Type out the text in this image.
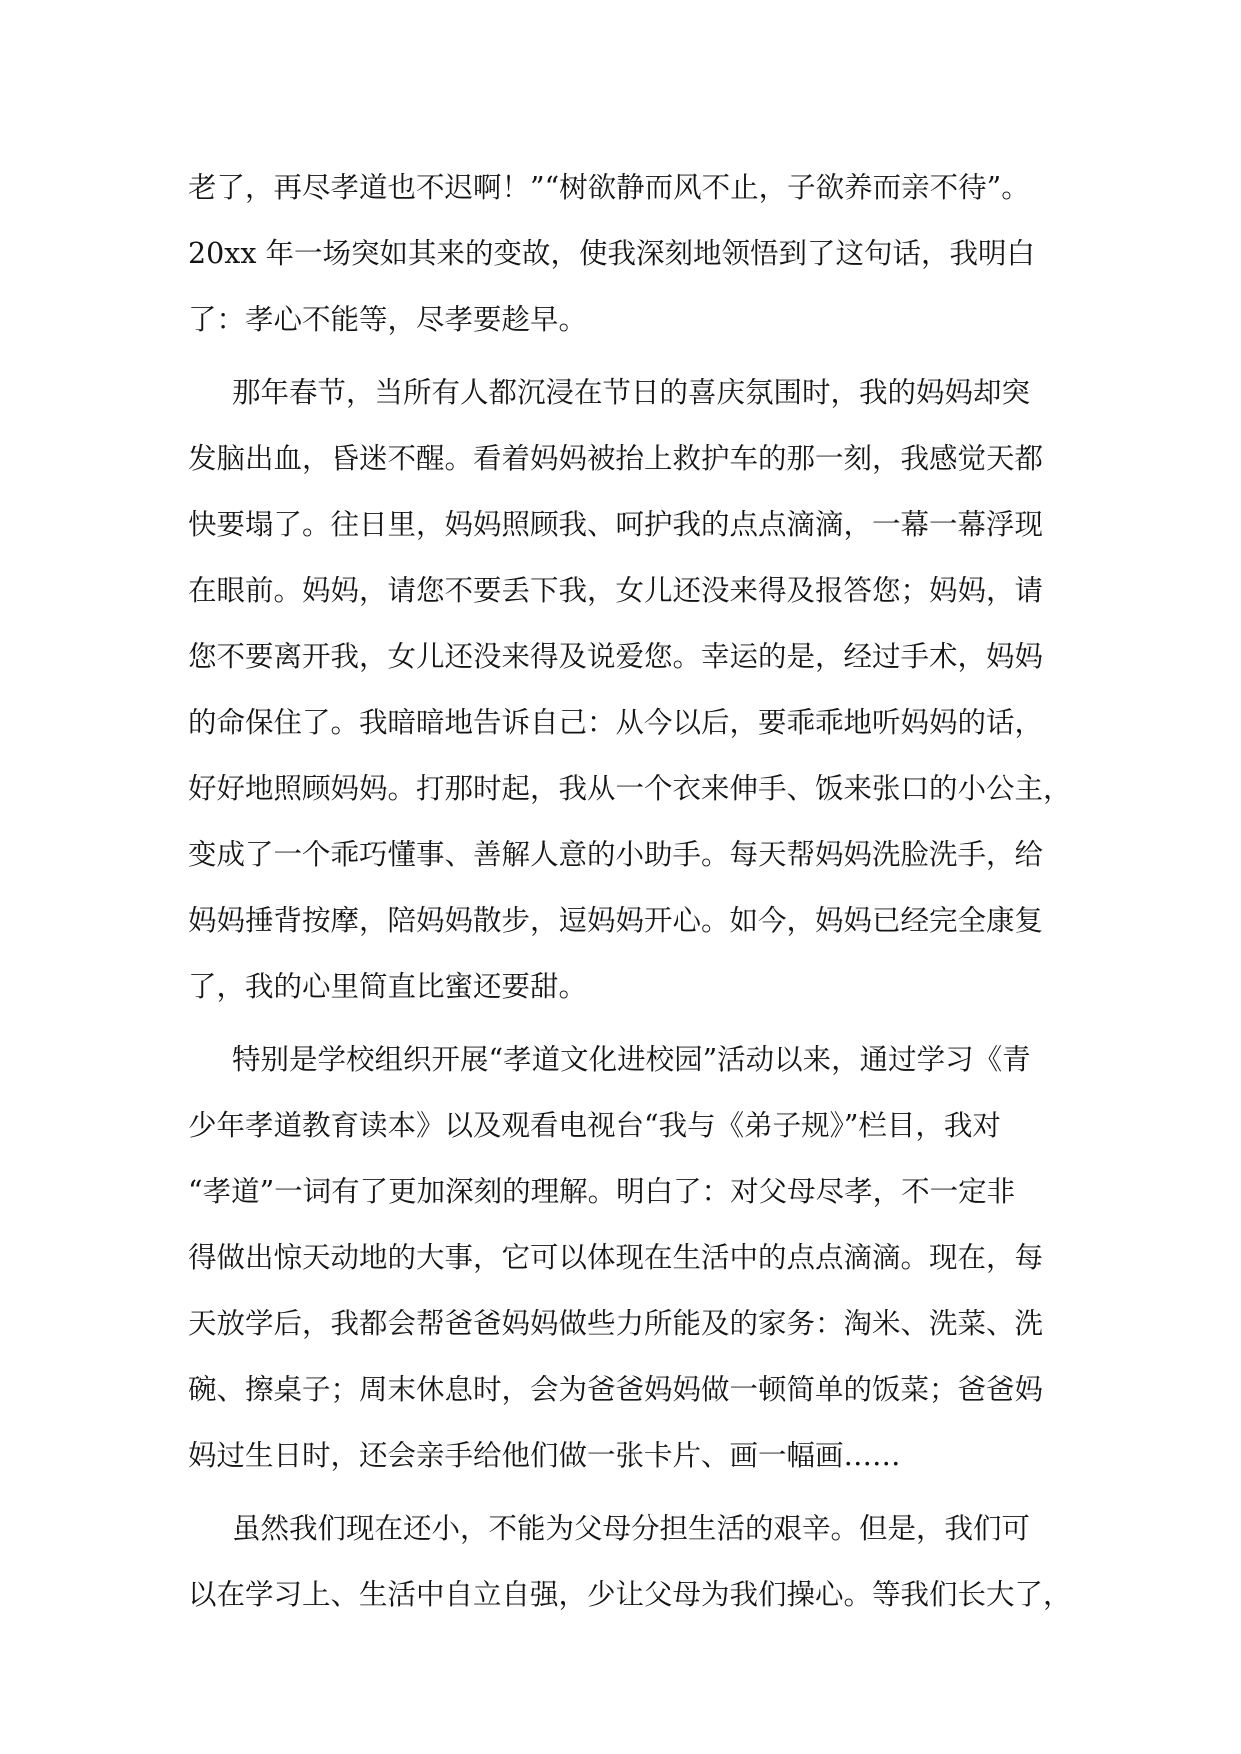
老了，再尽孝道也不迟啊！”“树欲静而风不止，子欲养而亲不待”。
20xx 年一场突如其来的变故，使我深刻地领悟到了这句话，我明白
了：孝心不能等，尽孝要趁早。
那年春节，当所有人都沉浸在节日的喜庆氛围时，我的妈妈却突
发脑出血，昏迷不醒。看着妈妈被抬上救护车的那一刻，我感觉天都
快要塌了。往日里，妈妈照顾我、呵护我的点点滴滴，一幕一幕浮现
在眼前。妈妈，请您不要丢下我，女儿还没来得及报答您；妈妈，请
您不要离开我，女儿还没来得及说爱您。幸运的是，经过手术，妈妈
的命保住了。我暗暗地告诉自己：从今以后，要乖乖地听妈妈的话，
好好地照顾妈妈。打那时起，我从一个衣来伸手、饭来张口的小公主，
变成了一个乖巧懂事、善解人意的小助手。每天帮妈妈洗脸洗手，给
妈妈捶背按摩，陪妈妈散步，逗妈妈开心。如今，妈妈已经完全康复
了，我的心里简直比蜜还要甜。
特别是学校组织开展“孝道文化进校园”活动以来，通过学习《青
少年孝道教育读本》以及观看电视台“我与《弟子规》”栏目，我对
“孝道”一词有了更加深刻的理解。明白了：对父母尽孝，不一定非
得做出惊天动地的大事，它可以体现在生活中的点点滴滴。现在，每
天放学后，我都会帮爸爸妈妈做些力所能及的家务：淘米、洗菜、洗
碗、擦桌子；周末休息时，会为爸爸妈妈做一顿简单的饭菜；爸爸妈
妈过生日时，还会亲手给他们做一张卡片、画一幅画……
虽然我们现在还小，不能为父母分担生活的艰辛。但是，我们可
以在学习上、生活中自立自强，少让父母为我们操心。等我们长大了，
